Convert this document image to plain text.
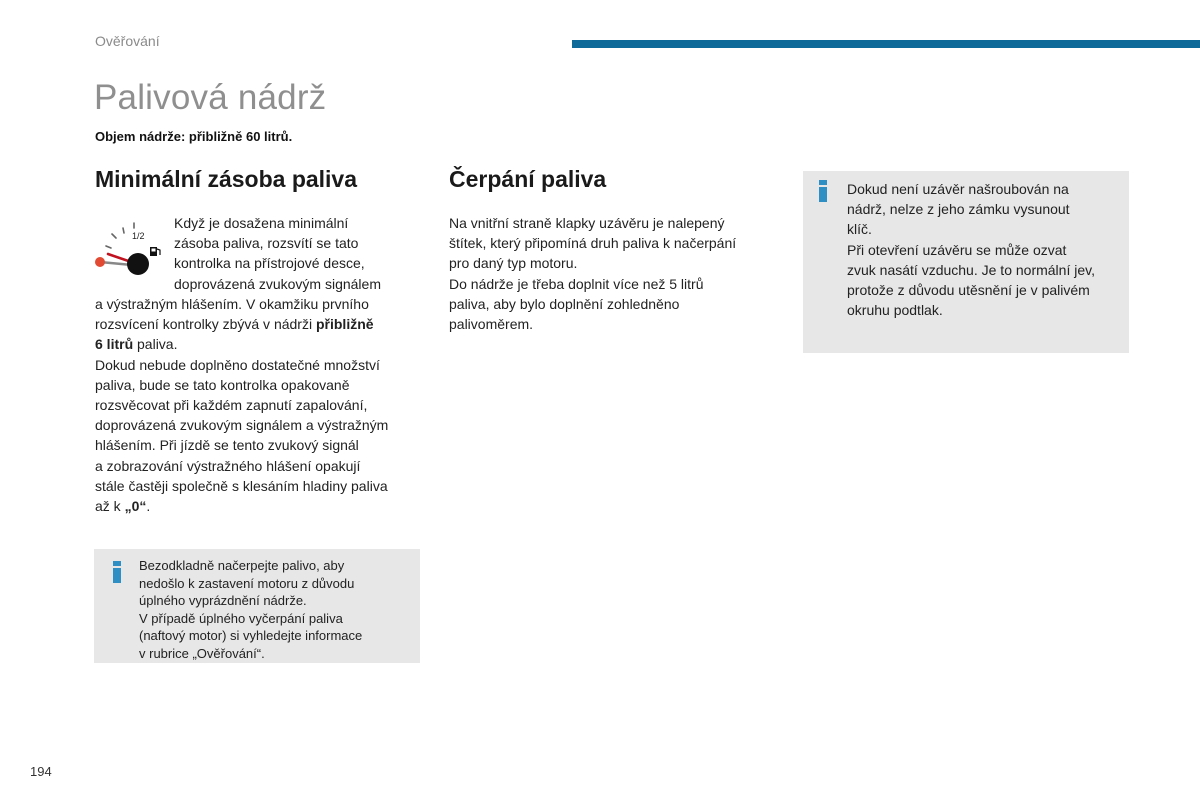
Ověřování
Palivová nádrž
Objem nádrže: přibližně 60 litrů.
Minimální zásoba paliva	Čerpání paliva
1/2
Když je dosažena minimální
zásoba paliva, rozsvítí se tato
kontrolka na přístrojové desce,
doprovázená zvukovým signálem
a výstražným hlášením. V okamžiku prvního
rozsvícení kontrolky zbývá v nádrži přibližně
6 litrů paliva.
Dokud nebude doplněno dostatečné množství
paliva, bude se tato kontrolka opakovaně
rozsvěcovat při každém zapnutí zapalování,
doprovázená zvukovým signálem a výstražným
hlášením. Při jízdě se tento zvukový signál
a zobrazování výstražného hlášení opakují
stále častěji společně s klesáním hladiny paliva
až k „0“.
Bezodkladně načerpejte palivo, aby
nedošlo k zastavení motoru z důvodu
úplného vyprázdnění nádrže.
V případě úplného vyčerpání paliva
(naftový motor) si vyhledejte informace
v rubrice „Ověřování“.
Na vnitřní straně klapky uzávěru je nalepený
štítek, který připomíná druh paliva k načerpání
pro daný typ motoru.
Do nádrže je třeba doplnit více než 5 litrů
paliva, aby bylo doplnění zohledněno
palivoměrem.
Dokud není uzávěr našroubován na
nádrž, nelze z jeho zámku vysunout
klíč.
Při otevření uzávěru se může ozvat
zvuk nasátí vzduchu. Je to normální jev,
protože z důvodu utěsnění je v palivém
okruhu podtlak.
194
